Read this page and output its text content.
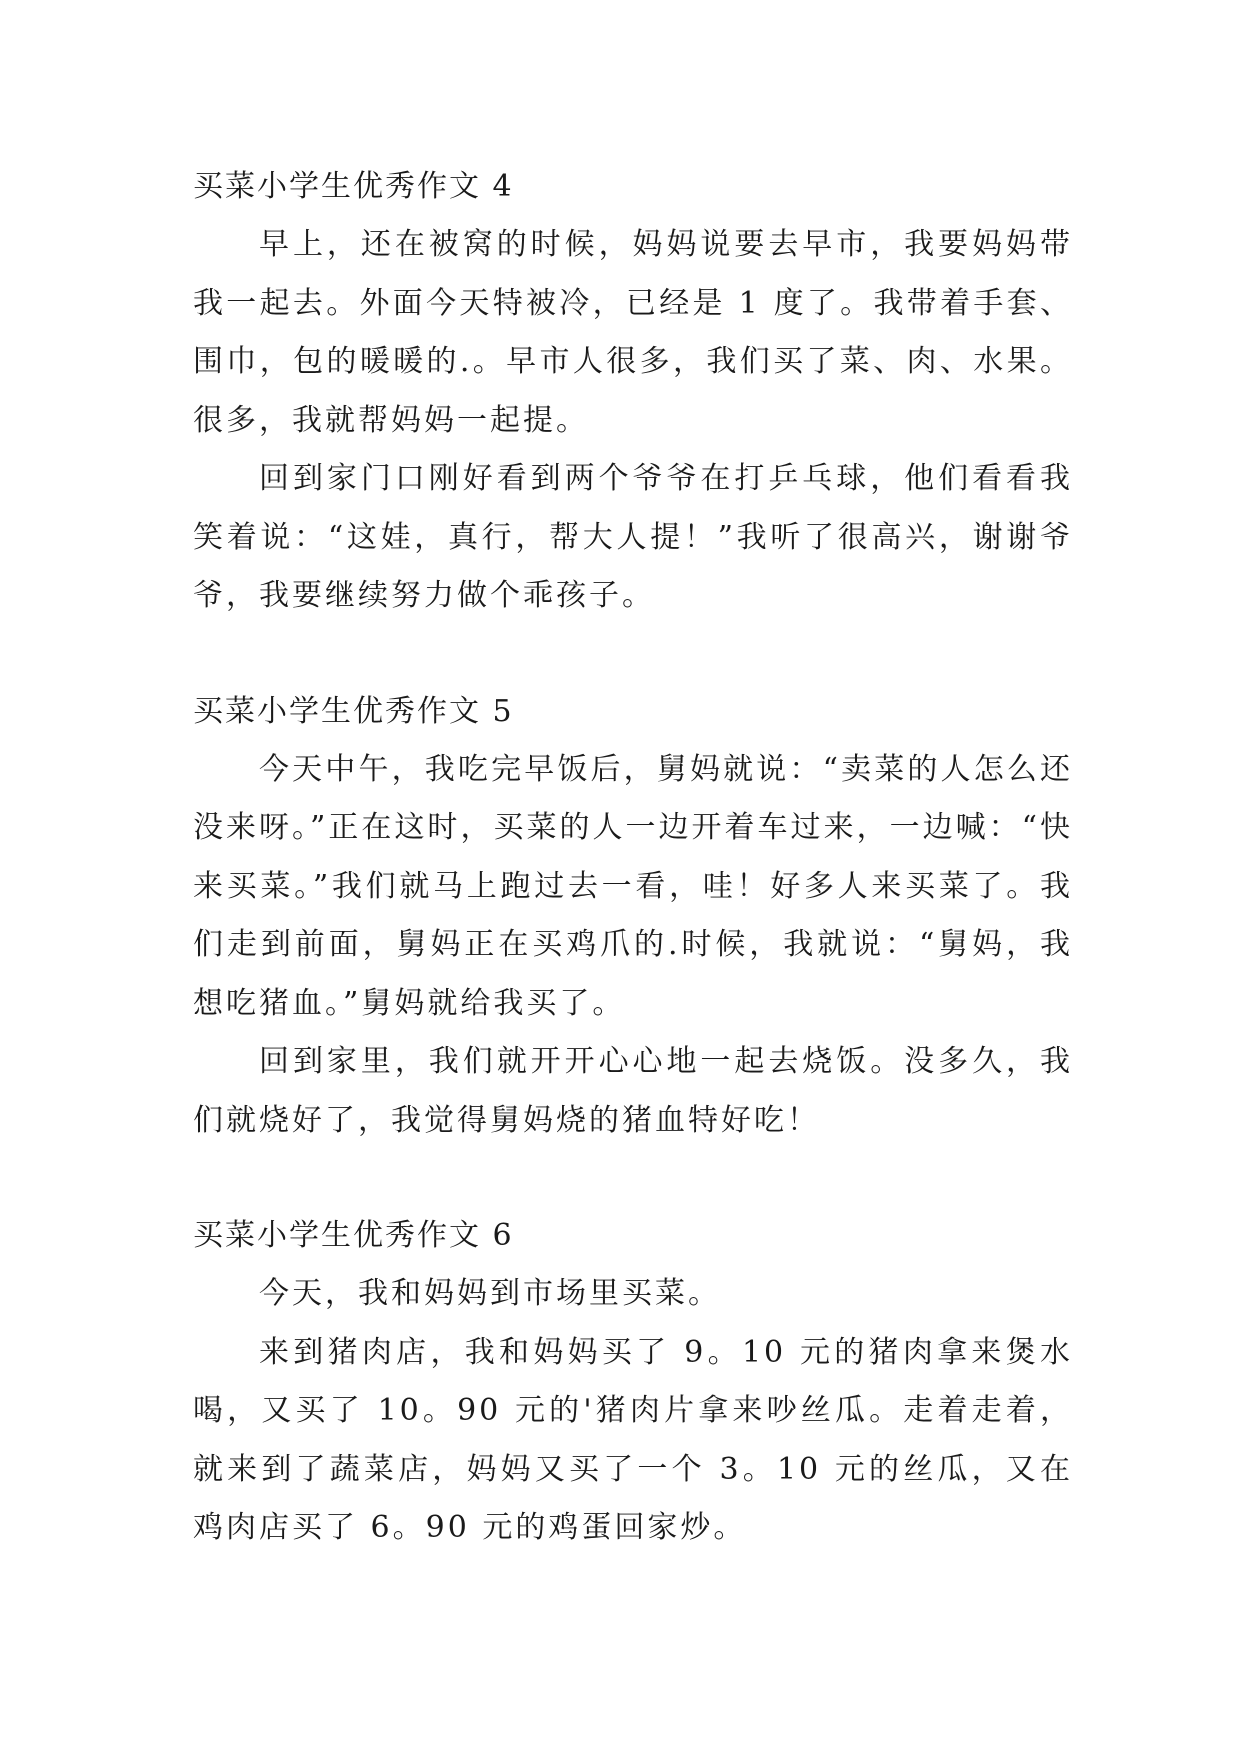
买菜小学生优秀作文 4

早上，还在被窝的时候，妈妈说要去早市，我要妈妈带我一起去。外面今天特被冷，已经是 1 度了。我带着手套、围巾，包的暖暖的.。早市人很多，我们买了菜、肉、水果。很多，我就帮妈妈一起提。

回到家门口刚好看到两个爷爷在打乒乓球，他们看看我笑着说：“这娃，真行，帮大人提！”我听了很高兴，谢谢爷爷，我要继续努力做个乖孩子。

买菜小学生优秀作文 5

今天中午，我吃完早饭后，舅妈就说：“卖菜的人怎么还没来呀。”正在这时，买菜的人一边开着车过来，一边喊：“快来买菜。”我们就马上跑过去一看，哇！好多人来买菜了。我们走到前面，舅妈正在买鸡爪的.时候，我就说：“舅妈，我想吃猪血。”舅妈就给我买了。

回到家里，我们就开开心心地一起去烧饭。没多久，我们就烧好了，我觉得舅妈烧的猪血特好吃！

买菜小学生优秀作文 6

今天，我和妈妈到市场里买菜。

来到猪肉店，我和妈妈买了 9。10 元的猪肉拿来煲水喝，又买了 10。90 元的'猪肉片拿来吵丝瓜。走着走着，就来到了蔬菜店，妈妈又买了一个 3。10 元的丝瓜，又在鸡肉店买了 6。90 元的鸡蛋回家炒。
